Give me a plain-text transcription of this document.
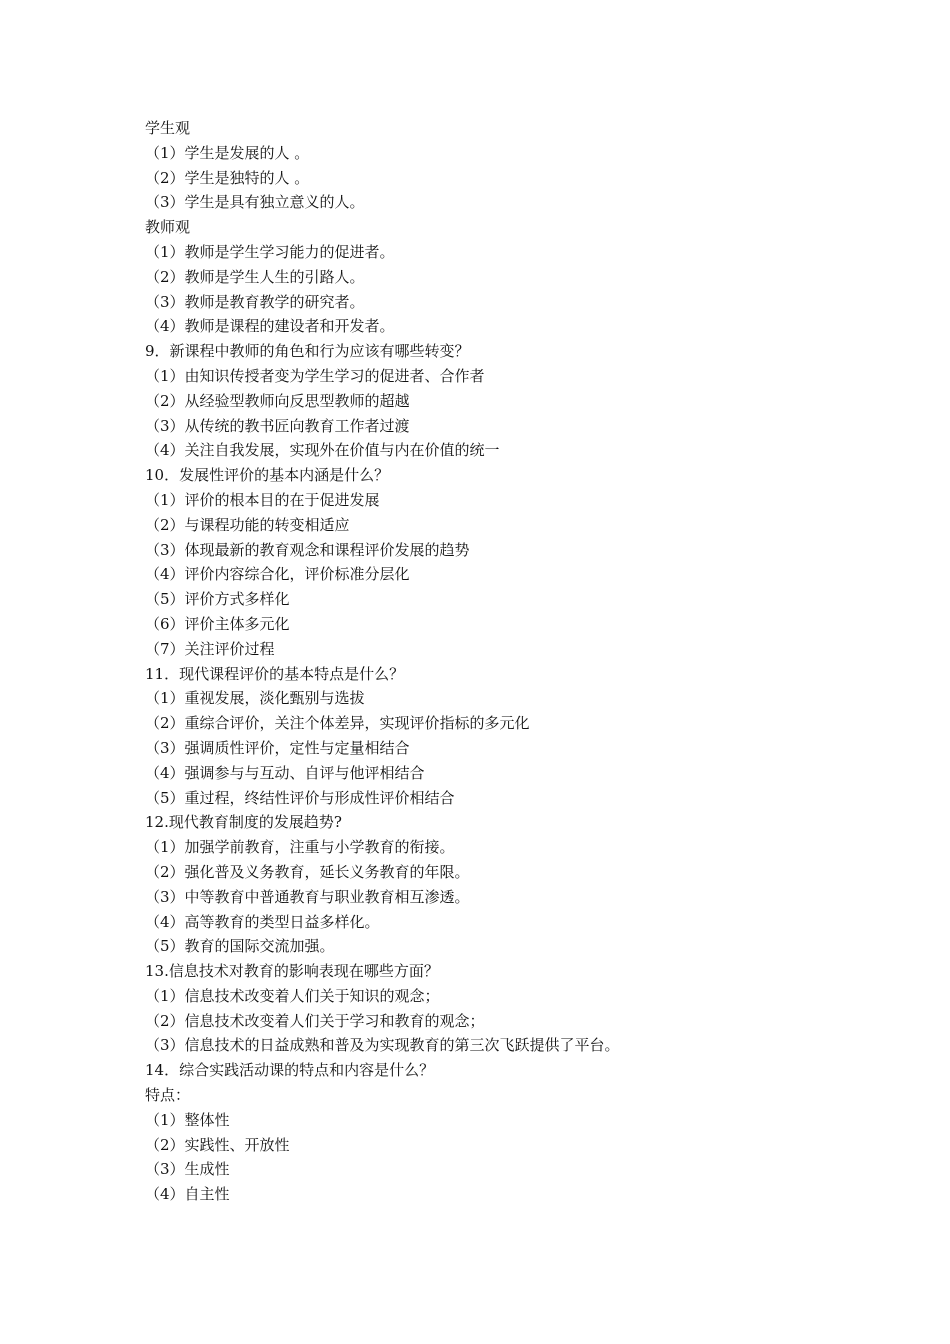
学生观
（1）学生是发展的人 。
（2）学生是独特的人 。
（3）学生是具有独立意义的人。
教师观
（1）教师是学生学习能力的促进者。
（2）教师是学生人生的引路人。
（3）教师是教育教学的研究者。
（4）教师是课程的建设者和开发者。
9．新课程中教师的角色和行为应该有哪些转变？
（1）由知识传授者变为学生学习的促进者、合作者
（2）从经验型教师向反思型教师的超越
（3）从传统的教书匠向教育工作者过渡
（4）关注自我发展，实现外在价值与内在价值的统一
10．发展性评价的基本内涵是什么？
（1）评价的根本目的在于促进发展
（2）与课程功能的转变相适应
（3）体现最新的教育观念和课程评价发展的趋势
（4）评价内容综合化，评价标准分层化
（5）评价方式多样化
（6）评价主体多元化
（7）关注评价过程
11．现代课程评价的基本特点是什么？
（1）重视发展，淡化甄别与选拔
（2）重综合评价，关注个体差异，实现评价指标的多元化
（3）强调质性评价，定性与定量相结合
（4）强调参与与互动、自评与他评相结合
（5）重过程，终结性评价与形成性评价相结合
12.现代教育制度的发展趋势?
（1）加强学前教育，注重与小学教育的衔接。
（2）强化普及义务教育，延长义务教育的年限。
（3）中等教育中普通教育与职业教育相互渗透。
（4）高等教育的类型日益多样化。
（5）教育的国际交流加强。
13.信息技术对教育的影响表现在哪些方面？
（1）信息技术改变着人们关于知识的观念；
（2）信息技术改变着人们关于学习和教育的观念；
（3）信息技术的日益成熟和普及为实现教育的第三次飞跃提供了平台。
14．综合实践活动课的特点和内容是什么？
特点：
（1）整体性
（2）实践性、开放性
（3）生成性
（4）自主性
